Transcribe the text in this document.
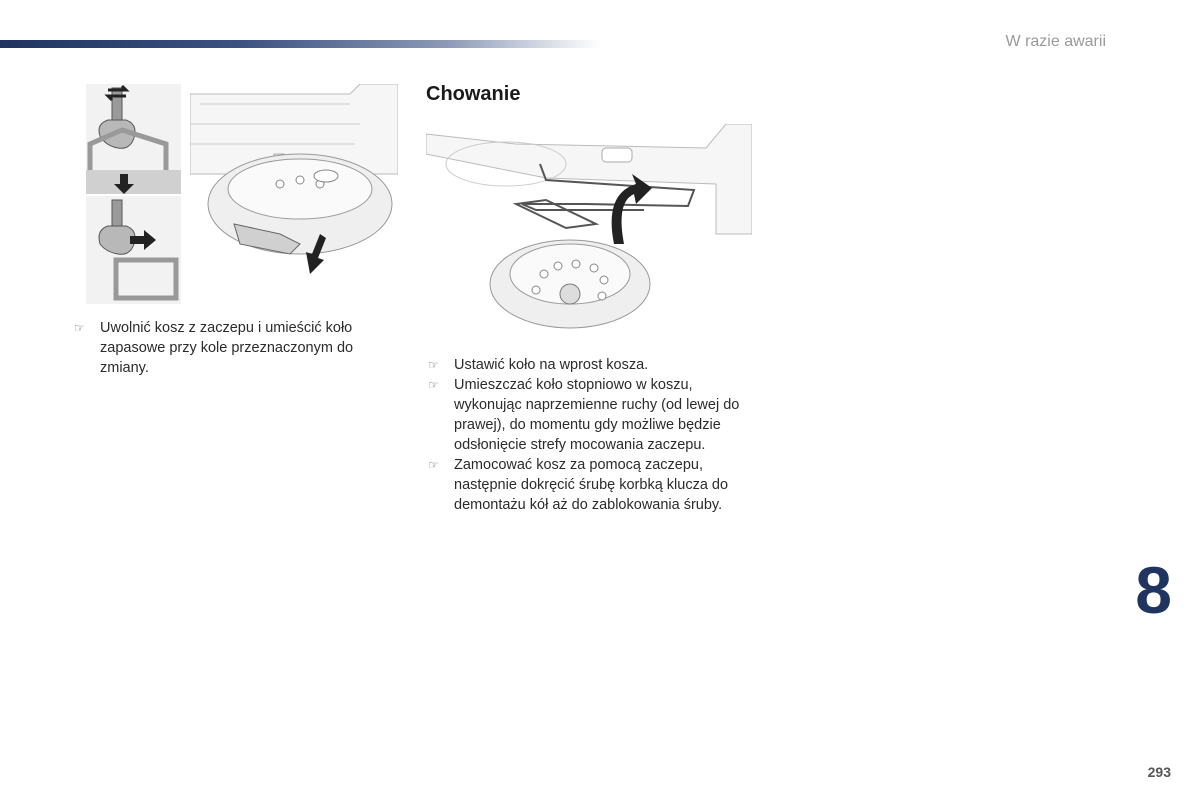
W razie awarii
☞ Uwolnić kosz z zaczepu i umieścić koło zapasowe przy kole przeznaczonym do zmiany.
Chowanie
☞ Ustawić koło na wprost kosza.
☞ Umieszczać koło stopniowo w koszu, wykonując naprzemienne ruchy (od lewej do prawej), do momentu gdy możliwe będzie odsłonięcie strefy mocowania zaczepu.
☞ Zamocować kosz za pomocą zaczepu, następnie dokręcić śrubę korbką klucza do demontażu kół aż do zablokowania śruby.
8
293
